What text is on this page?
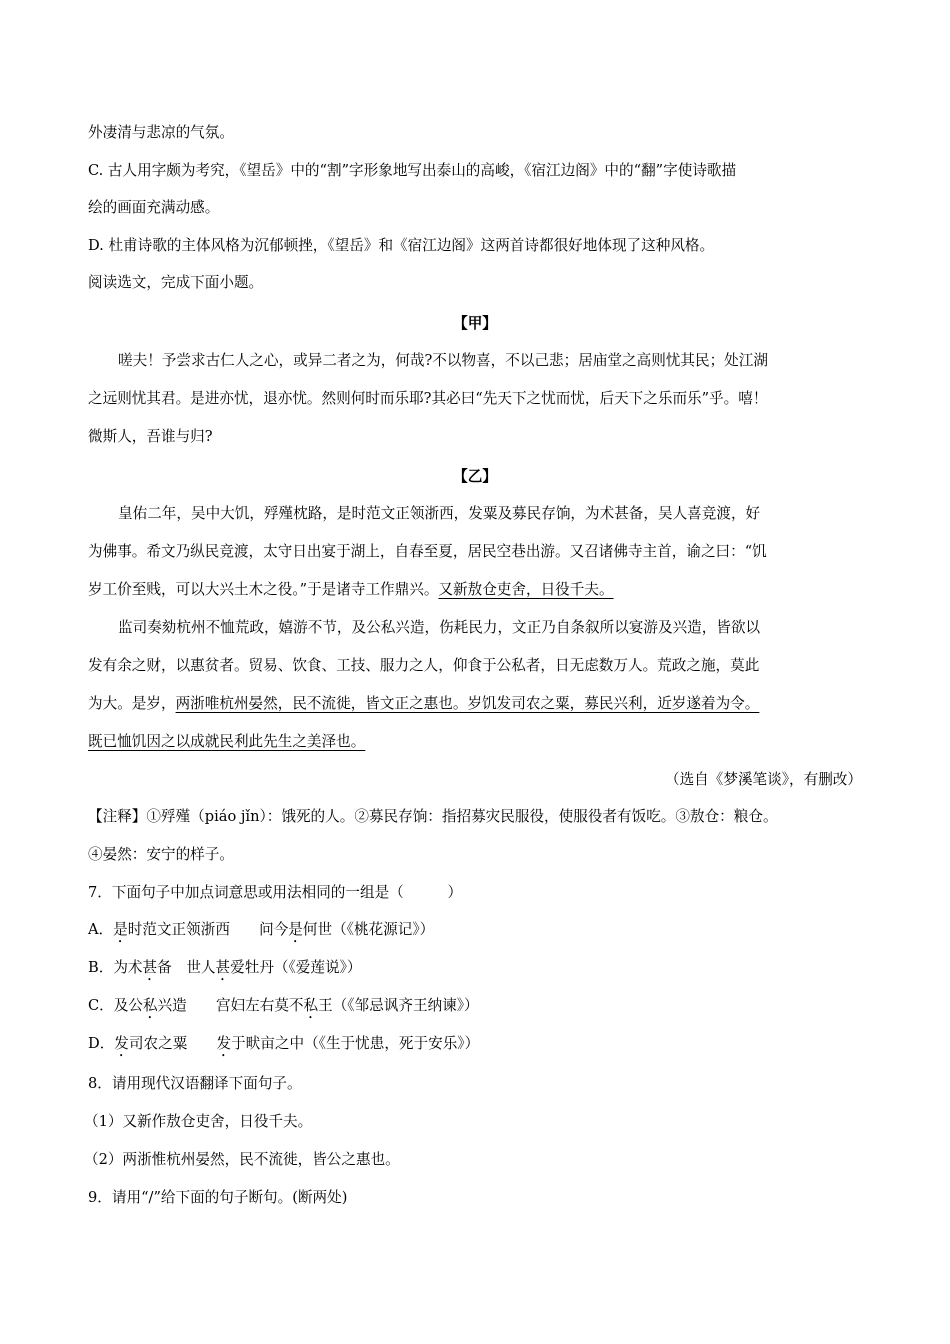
外凄清与悲凉的气氛。
C. 古人用字颇为考究，《望岳》中的“割”字形象地写出泰山的高峻，《宿江边阁》中的“翻”字使诗歌描
绘的画面充满动感。
D. 杜甫诗歌的主体风格为沉郁顿挫，《望岳》和《宿江边阁》这两首诗都很好地体现了这种风格。
阅读选文，完成下面小题。
【甲】
嗟夫！予尝求古仁人之心，或异二者之为，何哉?不以物喜，不以己悲；居庙堂之高则忧其民；处江湖
之远则忧其君。是进亦忧，退亦忧。然则何时而乐耶?其必曰“先天下之忧而忧，后天下之乐而乐”乎。嘻！
微斯人，吾谁与归?
【乙】
皇佑二年，吴中大饥，殍殣枕路，是时范文正领浙西，发粟及募民存饷，为术甚备，吴人喜竞渡，好
为佛事。希文乃纵民竞渡，太守日出宴于湖上，自春至夏，居民空巷出游。又召诸佛寺主首，谕之曰：“饥
岁工价至贱，可以大兴土木之役。”于是诸寺工作鼎兴。又新敖仓吏舍，日役千夫。
监司奏劾杭州不恤荒政，嬉游不节，及公私兴造，伤耗民力，文正乃自条叙所以宴游及兴造，皆欲以
发有余之财，以惠贫者。贸易、饮食、工技、服力之人，仰食于公私者，日无虑数万人。荒政之施，莫此
为大。是岁，两浙唯杭州晏然，民不流徙，皆文正之惠也。岁饥发司农之粟，募民兴利，近岁遂着为令。
既已恤饥因之以成就民利此先生之美泽也。
（选自《梦溪笔谈》，有删改）
【注释】①殍殣（piáo jǐn）：饿死的人。②募民存饷：指招募灾民服役，使服役者有饭吃。③敖仓：粮仓。
④晏然：安宁的样子。
7．下面句子中加点词意思或用法相同的一组是（　　　）
A．是时范文正领浙西　　问今是何世（《桃花源记》）
B．为术甚备　世人甚爱牡丹（《爱莲说》）
C．及公私兴造　　宫妇左右莫不私王（《邹忌讽齐王纳谏》）
D．发司农之粟　　发于畎亩之中（《生于忧患，死于安乐》）
8．请用现代汉语翻译下面句子。
（1）又新作敖仓吏舍，日役千夫。
（2）两浙惟杭州晏然，民不流徙，皆公之惠也。
9．请用“/”给下面的句子断句。(断两处)
